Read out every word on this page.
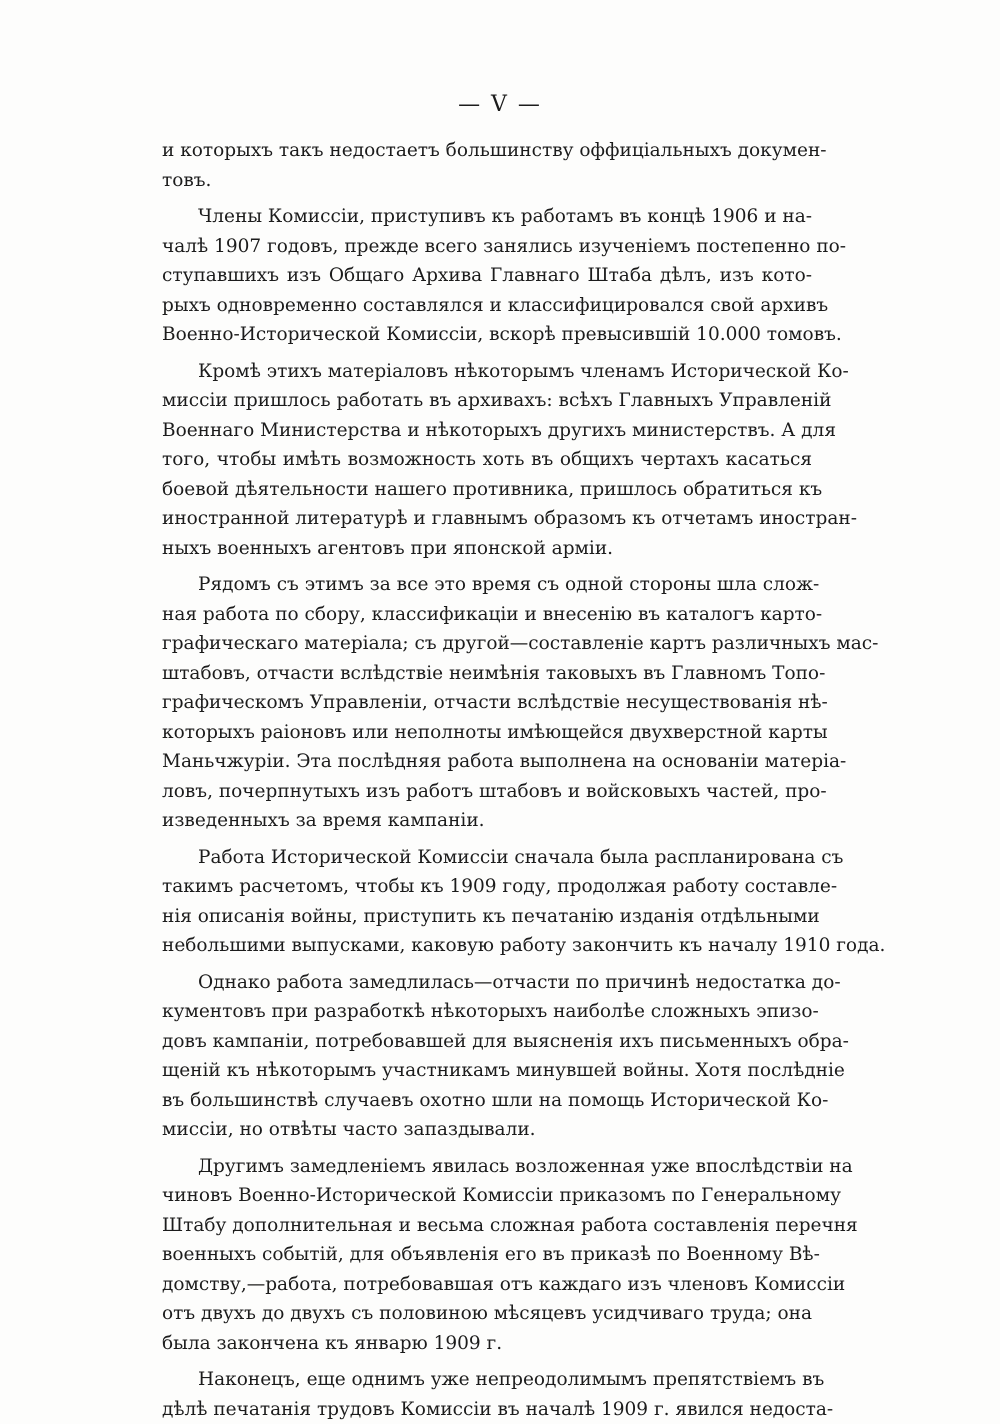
— V —
и которыхъ такъ недостаетъ большинству оффиціальныхъ докумен-
товъ.
Члены Комиссіи, приступивъ къ работамъ въ концѣ 1906 и на-
чалѣ 1907 годовъ, прежде всего занялись изученіемъ постепенно по-
ступавшихъ изъ Общаго Архива Главнаго Штаба дѣлъ, изъ кото-
рыхъ одновременно составлялся и классифицировался свой архивъ
Военно-Исторической Комиссіи, вскорѣ превысившій 10.000 томовъ.
Кромѣ этихъ матеріаловъ нѣкоторымъ членамъ Исторической Ко-
миссіи пришлось работать въ архивахъ: всѣхъ Главныхъ Управленій
Военнаго Министерства и нѣкоторыхъ другихъ министерствъ. А для
того, чтобы имѣть возможность хоть въ общихъ чертахъ касаться
боевой дѣятельности нашего противника, пришлось обратиться къ
иностранной литературѣ и главнымъ образомъ къ отчетамъ иностран-
ныхъ военныхъ агентовъ при японской арміи.
Рядомъ съ этимъ за все это время съ одной стороны шла слож-
ная работа по сбору, классификаціи и внесенію въ каталогъ карто-
графическаго матеріала; съ другой—составленіе картъ различныхъ мас-
штабовъ, отчасти вслѣдствіе неимѣнія таковыхъ въ Главномъ Топо-
графическомъ Управленіи, отчасти вслѣдствіе несуществованія нѣ-
которыхъ раіоновъ или неполноты имѣющейся двухверстной карты
Маньчжуріи. Эта послѣдняя работа выполнена на основаніи матеріа-
ловъ, почерпнутыхъ изъ работъ штабовъ и войсковыхъ частей, про-
изведенныхъ за время кампаніи.
Работа Исторической Комиссіи сначала была распланирована съ
такимъ расчетомъ, чтобы къ 1909 году, продолжая работу составле-
нія описанія войны, приступить къ печатанію изданія отдѣльными
небольшими выпусками, каковую работу закончить къ началу 1910 года.
Однако работа замедлилась—отчасти по причинѣ недостатка до-
кументовъ при разработкѣ нѣкоторыхъ наиболѣе сложныхъ эпизо-
довъ кампаніи, потребовавшей для выясненія ихъ письменныхъ обра-
щеній къ нѣкоторымъ участникамъ минувшей войны. Хотя послѣдніе
въ большинствѣ случаевъ охотно шли на помощь Исторической Ко-
миссіи, но отвѣты часто запаздывали.
Другимъ замедленіемъ явилась возложенная уже впослѣдствіи на
чиновъ Военно-Исторической Комиссіи приказомъ по Генеральному
Штабу дополнительная и весьма сложная работа составленія перечня
военныхъ событій, для объявленія его въ приказѣ по Военному Вѣ-
домству,—работа, потребовавшая отъ каждаго изъ членовъ Комиссіи
отъ двухъ до двухъ съ половиною мѣсяцевъ усидчиваго труда; она
была закончена къ январю 1909 г.
Наконецъ, еще однимъ уже непреодолимымъ препятствіемъ въ
дѣлѣ печатанія трудовъ Комиссіи въ началѣ 1909 г. явился недоста-
